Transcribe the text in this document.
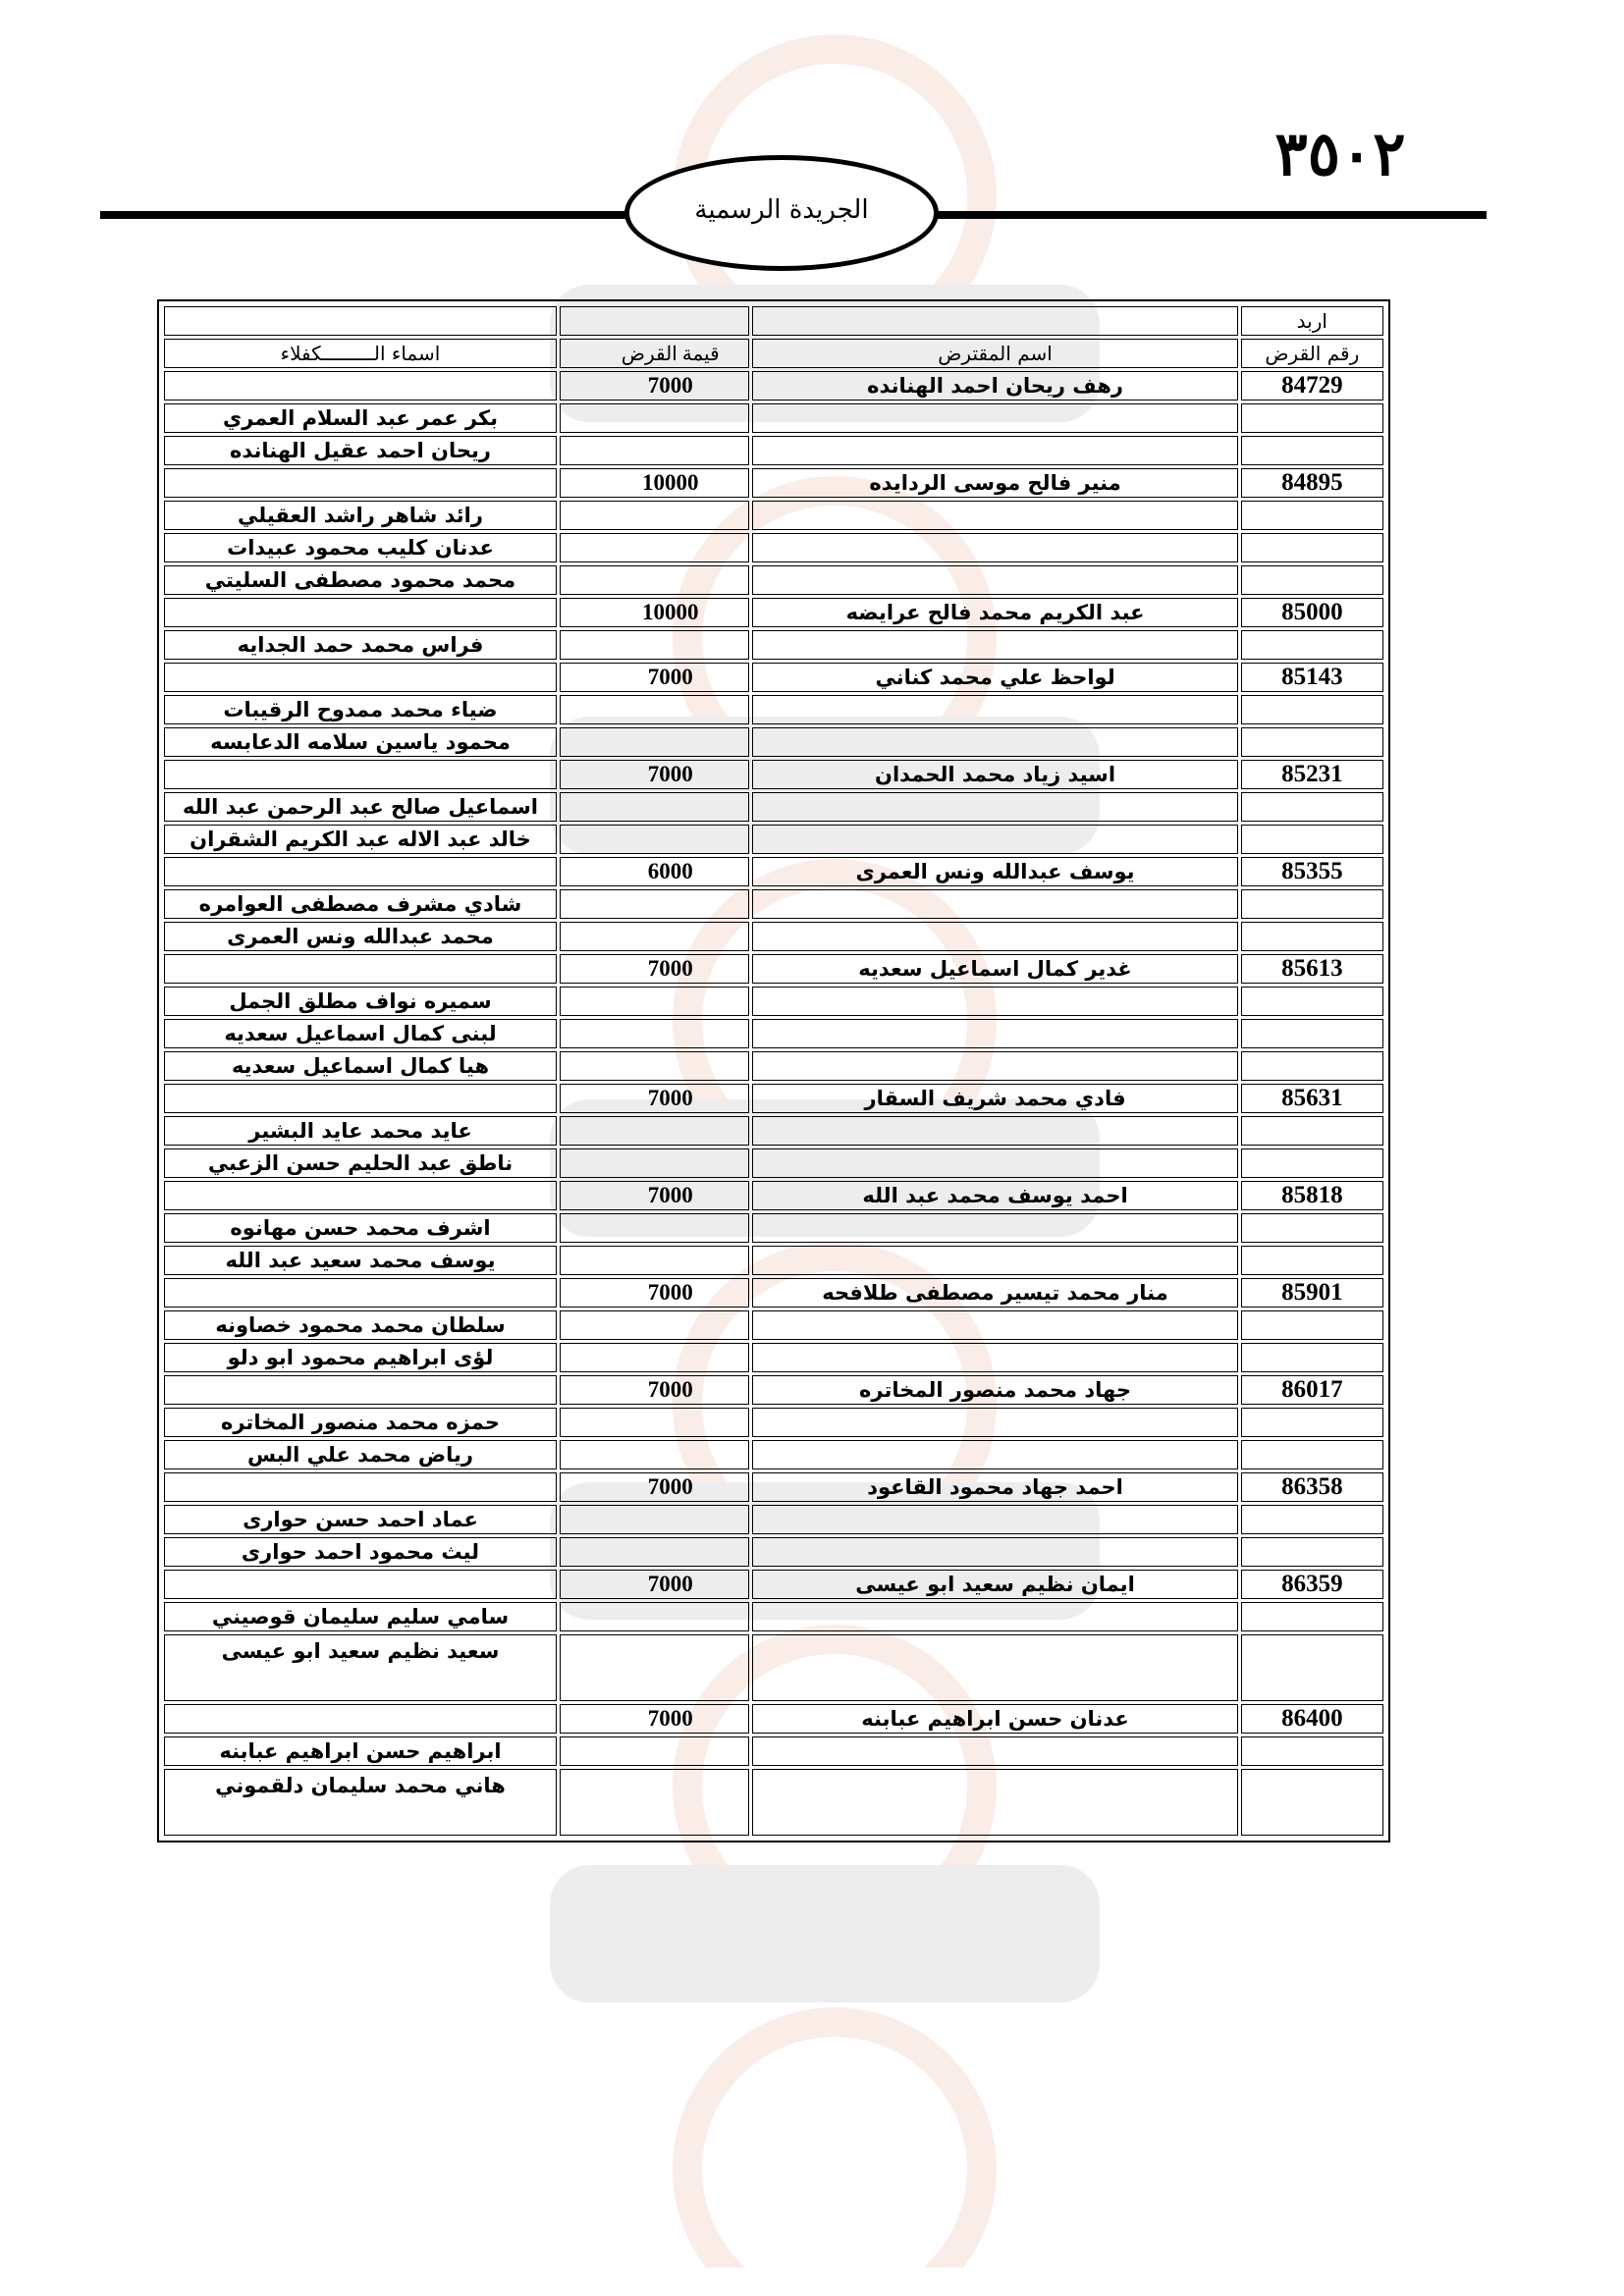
٣٥٠٢
الجريدة الرسمية
			اربد
اسماء الـــــــــكفلاء	قيمة القرض	اسم المقترض	رقم القرض
	7000	رهف ريحان احمد الهنانده	84729
بكر عمر عبد السلام العمري			
ريحان احمد عقيل الهنانده			
	10000	منير فالح موسى الردايده	84895
رائد شاهر راشد العقيلي			
عدنان كليب محمود عبيدات			
محمد محمود مصطفى السليتي			
	10000	عبد الكريم محمد فالح عرايضه	85000
فراس محمد حمد الجدايه			
	7000	لواحظ علي محمد كناني	85143
ضياء محمد ممدوح الرقيبات			
محمود ياسين سلامه الدعابسه			
	7000	اسيد زياد محمد الحمدان	85231
اسماعيل صالح عبد الرحمن عبد الله			
خالد عبد الاله عبد الكريم الشقران			
	6000	يوسف عبدالله ونس العمرى	85355
شادي مشرف مصطفى العوامره			
محمد عبدالله ونس العمرى			
	7000	غدير كمال اسماعيل سعديه	85613
سميره نواف مطلق الجمل			
لبنى كمال اسماعيل سعديه			
هيا كمال اسماعيل سعديه			
	7000	فادي محمد شريف السقار	85631
عايد محمد عايد البشير			
ناطق عبد الحليم حسن الزعبي			
	7000	احمد يوسف محمد عبد الله	85818
اشرف محمد حسن مهانوه			
يوسف محمد سعيد عبد الله			
	7000	منار محمد تيسير مصطفى طلافحه	85901
سلطان محمد محمود خصاونه			
لؤى ابراهيم محمود ابو دلو			
	7000	جهاد محمد منصور المخاتره	86017
حمزه محمد منصور المخاتره			
رياض محمد علي البس			
	7000	احمد جهاد محمود القاعود	86358
عماد احمد حسن حوارى			
ليث محمود احمد حوارى			
	7000	ايمان نظيم سعيد ابو عيسى	86359
سامي سليم سليمان قوصيني			
سعيد نظيم سعيد ابو عيسى			
	7000	عدنان حسن ابراهيم عبابنه	86400
ابراهيم حسن ابراهيم عبابنه			
هاني محمد سليمان دلقموني			
